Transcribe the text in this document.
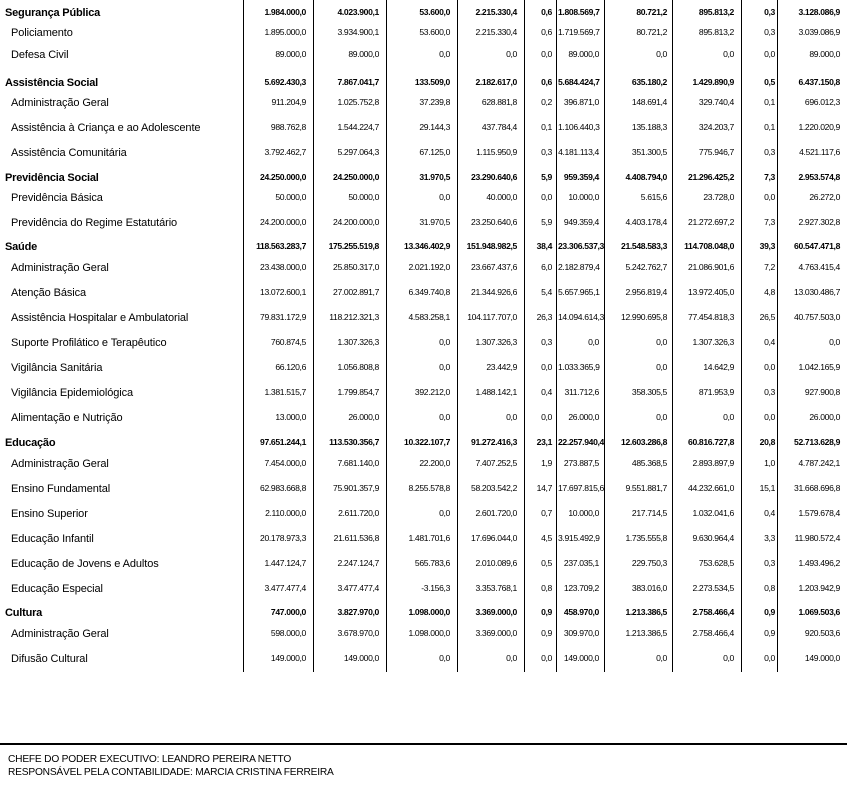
Segurança Pública	1.984.000,0	4.023.900,1	53.600,0	2.215.330,4	0,6 1.808.569,7	80.721,2	895.813,2	0,3	3.128.086,9
Policiamento	1.895.000,0	3.934.900,1	53.600,0	2.215.330,4	0,6 1.719.569,7	80.721,2	895.813,2	0,3	3.039.086,9
Defesa Civil	89.000,0	89.000,0	0,0	0,0	0,0	89.000,0	0,0	0,0	0,0	89.000,0
Assistência Social	5.692.430,3	7.867.041,7	133.509,0	2.182.617,0	0,6 5.684.424,7	635.180,2	1.429.890,9	0,5	6.437.150,8
Administração Geral	911.204,9	1.025.752,8	37.239,8	628.881,8	0,2	396.871,0	148.691,4	329.740,4	0,1	696.012,3
Assistência à Criança e ao Adolescente	988.762,8	1.544.224,7	29.144,3	437.784,4	0,1 1.106.440,3	135.188,3	324.203,7	0,1	1.220.020,9
Assistência Comunitária	3.792.462,7	5.297.064,3	67.125,0	1.115.950,9	0,3 4.181.113,4	351.300,5	775.946,7	0,3	4.521.117,6
Previdência Social	24.250.000,0	24.250.000,0	31.970,5	23.290.640,6	5,9	959.359,4	4.408.794,0	21.296.425,2	7,3	2.953.574,8
Previdência Básica	50.000,0	50.000,0	0,0	40.000,0	0,0	10.000,0	5.615,6	23.728,0	0,0	26.272,0
Previdência do Regime Estatutário	24.200.000,0	24.200.000,0	31.970,5	23.250.640,6	5,9	949.359,4	4.403.178,4	21.272.697,2	7,3	2.927.302,8
Saúde	118.563.283,7	175.255.519,8	13.346.402,9	151.948.982,5	38,4 23.306.537,3	21.548.583,3	114.708.048,0	39,3	60.547.471,8
Administração Geral	23.438.000,0	25.850.317,0	2.021.192,0	23.667.437,6	6,0 2.182.879,4	5.242.762,7	21.086.901,6	7,2	4.763.415,4
Atenção Básica	13.072.600,1	27.002.891,7	6.349.740,8	21.344.926,6	5,4 5.657.965,1	2.956.819,4	13.972.405,0	4,8	13.030.486,7
Assistência Hospitalar e Ambulatorial	79.831.172,9	118.212.321,3	4.583.258,1	104.117.707,0	26,3 14.094.614,3	12.990.695,8	77.454.818,3	26,5	40.757.503,0
Suporte Profilático e Terapêutico	760.874,5	1.307.326,3	0,0	1.307.326,3	0,3	0,0	0,0	1.307.326,3	0,4	0,0
Vigilância Sanitária	66.120,6	1.056.808,8	0,0	23.442,9	0,0 1.033.365,9	0,0	14.642,9	0,0	1.042.165,9
Vigilância Epidemiológica	1.381.515,7	1.799.854,7	392.212,0	1.488.142,1	0,4	311.712,6	358.305,5	871.953,9	0,3	927.900,8
Alimentação e Nutrição	13.000,0	26.000,0	0,0	0,0	0,0	26.000,0	0,0	0,0	0,0	26.000,0
Educação	97.651.244,1	113.530.356,7	10.322.107,7	91.272.416,3	23,1 22.257.940,4	12.603.286,8	60.816.727,8	20,8	52.713.628,9
Administração Geral	7.454.000,0	7.681.140,0	22.200,0	7.407.252,5	1,9	273.887,5	485.368,5	2.893.897,9	1,0	4.787.242,1
Ensino Fundamental	62.983.668,8	75.901.357,9	8.255.578,8	58.203.542,2	14,7 17.697.815,6	9.551.881,7	44.232.661,0	15,1	31.668.696,8
Ensino Superior	2.110.000,0	2.611.720,0	0,0	2.601.720,0	0,7	10.000,0	217.714,5	1.032.041,6	0,4	1.579.678,4
Educação Infantil	20.178.973,3	21.611.536,8	1.481.701,6	17.696.044,0	4,5 3.915.492,9	1.735.555,8	9.630.964,4	3,3	11.980.572,4
Educação de Jovens e Adultos	1.447.124,7	2.247.124,7	565.783,6	2.010.089,6	0,5	237.035,1	229.750,3	753.628,5	0,3	1.493.496,2
Educação Especial	3.477.477,4	3.477.477,4	-3.156,3	3.353.768,1	0,8	123.709,2	383.016,0	2.273.534,5	0,8	1.203.942,9
Cultura	747.000,0	3.827.970,0	1.098.000,0	3.369.000,0	0,9	458.970,0	1.213.386,5	2.758.466,4	0,9	1.069.503,6
Administração Geral	598.000,0	3.678.970,0	1.098.000,0	3.369.000,0	0,9	309.970,0	1.213.386,5	2.758.466,4	0,9	920.503,6
Difusão Cultural	149.000,0	149.000,0	0,0	0,0	0,0	149.000,0	0,0	0,0	0,0	149.000,0
CHEFE DO PODER EXECUTIVO: LEANDRO PEREIRA NETTO
RESPONSÁVEL PELA CONTABILIDADE: MARCIA CRISTINA FERREIRA
